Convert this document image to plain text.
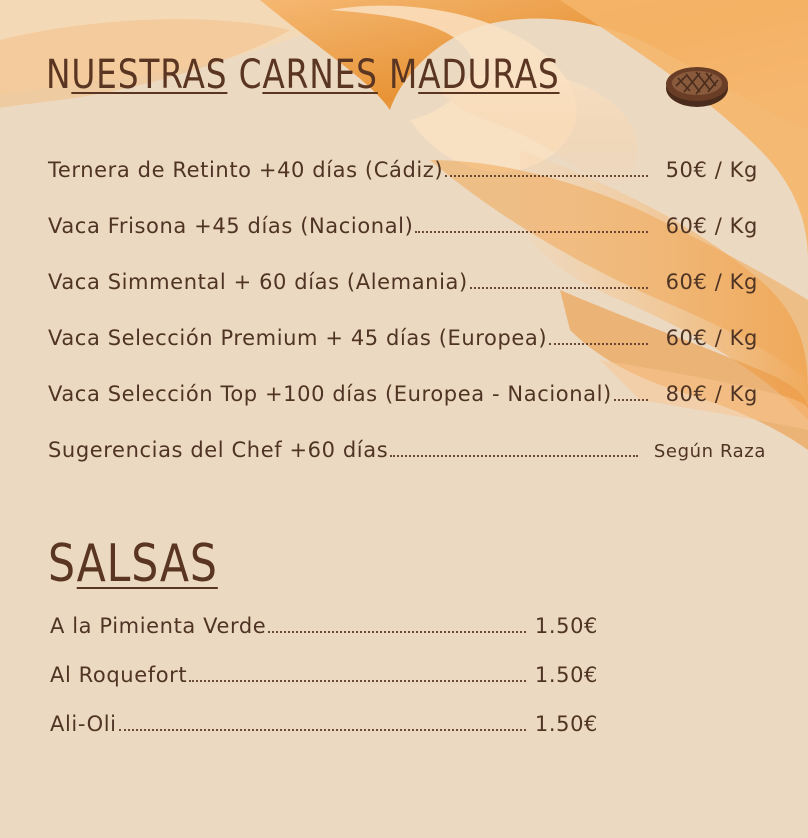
NUESTRAS CARNES MADURAS
Ternera de Retinto +40 días (Cádiz)	50€ / Kg
Vaca Frisona +45 días (Nacional)	60€ / Kg
Vaca Simmental + 60 días (Alemania)	60€ / Kg
Vaca Selección Premium + 45 días (Europea)	60€ / Kg
Vaca Selección Top +100 días (Europea - Nacional)	80€ / Kg
Sugerencias del Chef +60 días	Según Raza
SALSAS
A la Pimienta Verde	1.50€
Al Roquefort	1.50€
Ali-Oli	1.50€
